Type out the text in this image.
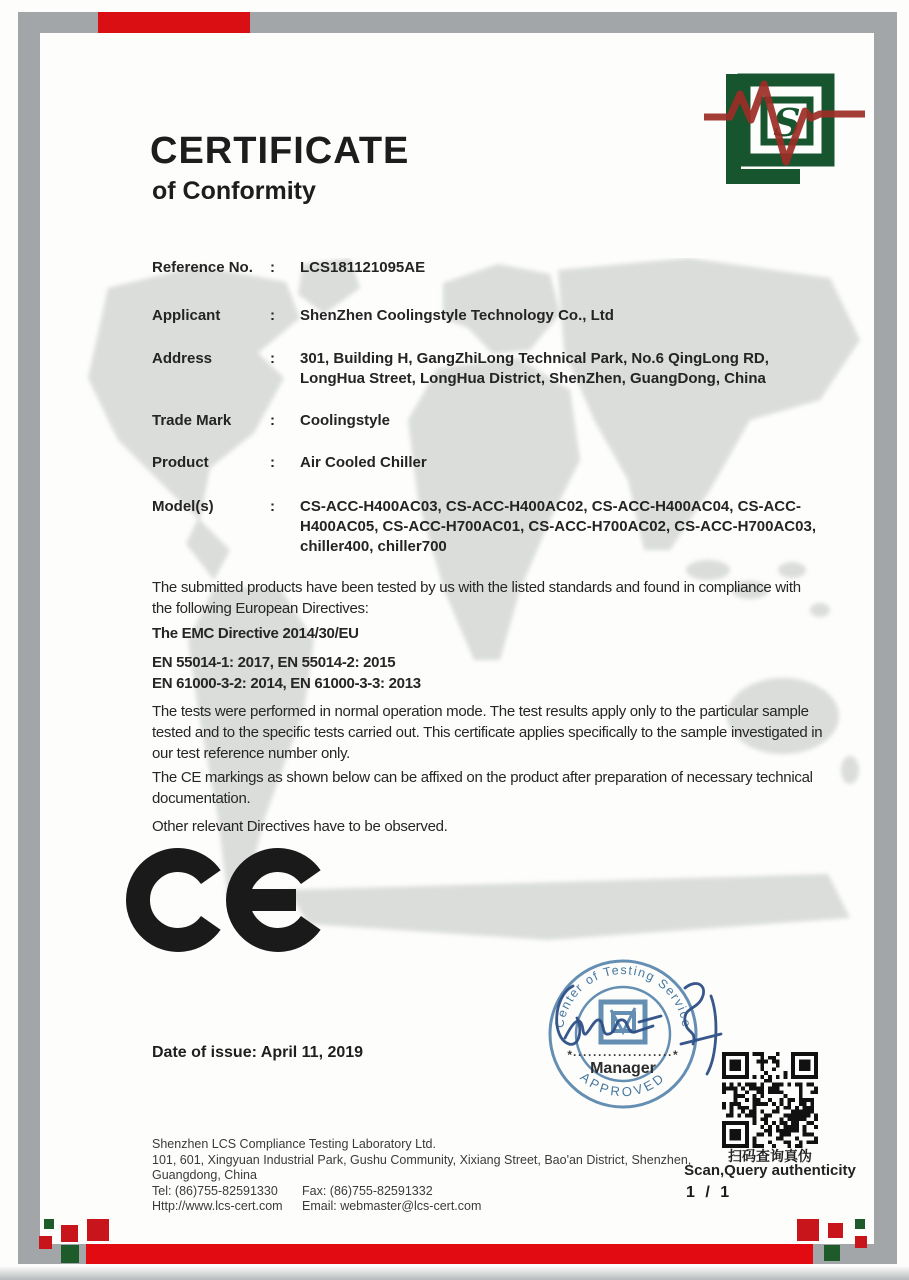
S
CERTIFICATE
of Conformity
Reference No.	:	LCS181121095AE
Applicant	:	ShenZhen Coolingstyle Technology Co., Ltd
Address	:	301, Building H, GangZhiLong Technical Park, No.6 QingLong RD, LongHua Street, LongHua District, ShenZhen, GuangDong, China
Trade Mark	:	Coolingstyle
Product	:	Air Cooled Chiller
Model(s)	:	CS-ACC-H400AC03, CS-ACC-H400AC02, CS-ACC-H400AC04, CS-ACC-H400AC05, CS-ACC-H700AC01, CS-ACC-H700AC02, CS-ACC-H700AC03, chiller400, chiller700

The submitted products have been tested by us with the listed standards and found in compliance with the following European Directives:

The EMC Directive 2014/30/EU

EN 55014-1: 2017, EN 55014-2: 2015

EN 61000-3-2: 2014, EN 61000-3-3: 2013

The tests were performed in normal operation mode. The test results apply only to the particular sample tested and to the specific tests carried out. This certificate applies specifically to the sample investigated in our test reference number only.

The CE markings as shown below can be affixed on the product after preparation of necessary technical documentation.

Other relevant Directives have to be observed.

Date of issue: April 11, 2019
Center of Testing Service
APPROVED
*····················*
Manager
扫码查询真伪
Scan,Query authenticity
1 / 1
Shenzhen LCS Compliance Testing Laboratory Ltd.
101, 601, Xingyuan Industrial Park, Gushu Community, Xixiang Street, Bao'an District, Shenzhen,
Guangdong, China
Tel: (86)755-82591330	Fax: (86)755-82591332
Http://www.lcs-cert.com	Email: webmaster@lcs-cert.com
